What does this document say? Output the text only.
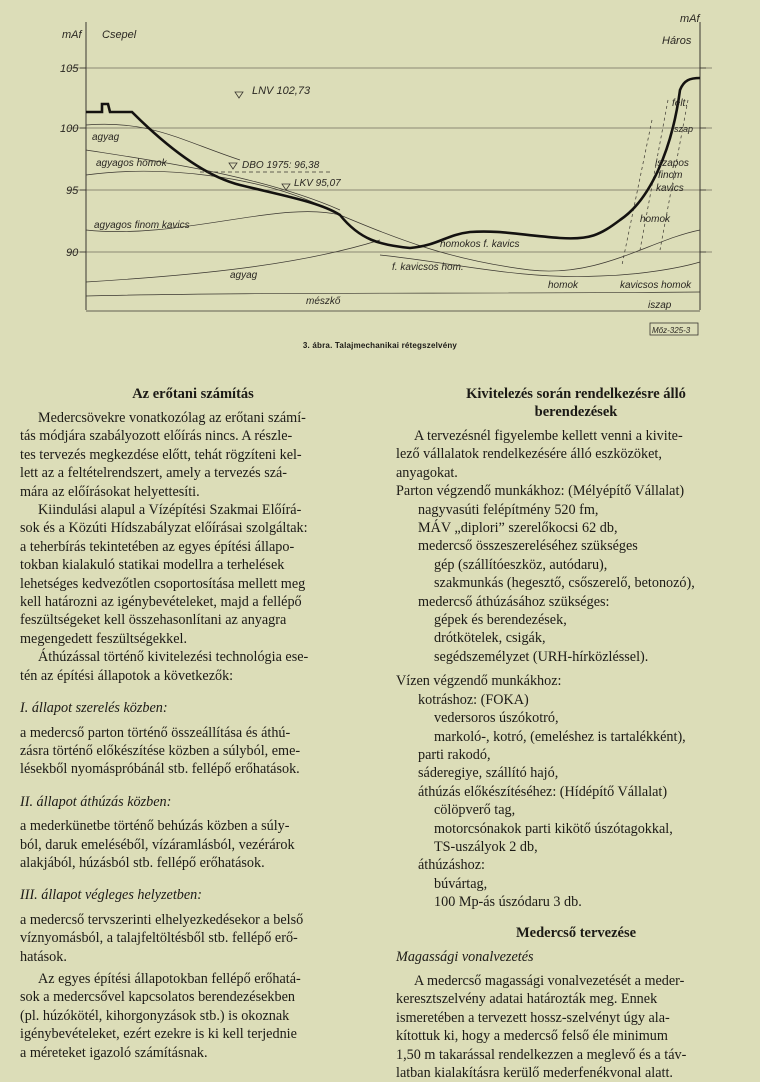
mAf Csepel
mAf
Háros
105
100
95
90
LNV 102,73
DBO 1975: 96,38
LKV 95,07
agyag
agyagos homok
agyagos finom kavics
agyag
mészkő
homokos f. kavics
f. kavicsos hom.
homok	kavicsos homok
iszap
felt.
iszap
iszapos
finom
kavics
homok
Mőz-325-3
3. ábra. Talajmechanikai rétegszelvény
Az erőtani számítás
Medercsövekre vonatkozólag az erőtani számí-
tás módjára szabályozott előírás nincs. A részle-
tes tervezés megkezdése előtt, tehát rögzíteni kel-
lett az a feltételrendszert, amely a tervezés szá-
mára az előírásokat helyettesíti.
Kiindulási alapul a Vízépítési Szakmai Előírá-
sok és a Közúti Hídszabályzat előírásai szolgáltak:
a teherbírás tekintetében az egyes építési állapo-
tokban kialakuló statikai modellra a terhelések
lehetséges kedvezőtlen csoportosítása mellett meg
kell határozni az igénybevételeket, majd a fellépő
feszültségeket kell összehasonlítani az anyagra
megengedett feszültségekkel.
Áthúzással történő kivitelezési technológia ese-
tén az építési állapotok a következők:
I. állapot szerelés közben:
a medercső parton történő összeállítása és áthú-
zásra történő előkészítése közben a súlyból, eme-
lésekből nyomáspróbánál stb. fellépő erőhatások.
II. állapot áthúzás közben:
a mederkünetbe történő behúzás közben a súly-
ból, daruk emeléséből, vízáramlásból, vezérárok
alakjából, húzásból stb. fellépő erőhatások.
III. állapot végleges helyzetben:
a medercső tervszerinti elhelyezkedésekor a belső
víznyomásból, a talajfeltöltésből stb. fellépő erő-
hatások.
Az egyes építési állapotokban fellépő erőhatá-
sok a medercsővel kapcsolatos berendezésekben
(pl. húzókötél, kihorgonyzások stb.) is okoznak
igénybevételeket, ezért ezekre is ki kell terjednie
a méreteket igazoló számításnak.
Kivitelezés során rendelkezésre álló
berendezések
A tervezésnél figyelembe kellett venni a kivite-
lező vállalatok rendelkezésére álló eszközöket,
anyagokat.
Parton végzendő munkákhoz: (Mélyépítő Vállalat)
nagyvasúti felépítmény 520 fm,
MÁV „diplori” szerelőkocsi 62 db,
medercső összeszereléséhez szükséges
gép (szállítóeszköz, autódaru),
szakmunkás (hegesztő, csőszerelő, betonozó),
medercső áthúzásához szükséges:
gépek és berendezések,
drótkötelek, csigák,
segédszemélyzet (URH-hírközléssel).
Vízen végzendő munkákhoz:
kotráshoz: (FOKA)
vedersoros úszókotró,
markoló-, kotró, (emeléshez is tartalékként),
parti rakodó,
sáderegiye, szállító hajó,
áthúzás előkészítéséhez: (Hídépítő Vállalat)
cölöpverő tag,
motorcsónakok parti kikötő úszótagokkal,
TS-uszályok 2 db,
áthúzáshoz:
búvártag,
100 Mp-ás úszódaru 3 db.
Medercső tervezése
Magassági vonalvezetés
A medercső magassági vonalvezetését a meder-
keresztszelvény adatai határozták meg. Ennek
ismeretében a tervezett hossz-szelvényt úgy ala-
kítottuk ki, hogy a medercső felső éle minimum
1,50 m takarással rendelkezzen a meglevő és a táv-
latban kialakításra kerülő mederfenékvonal alatt.
